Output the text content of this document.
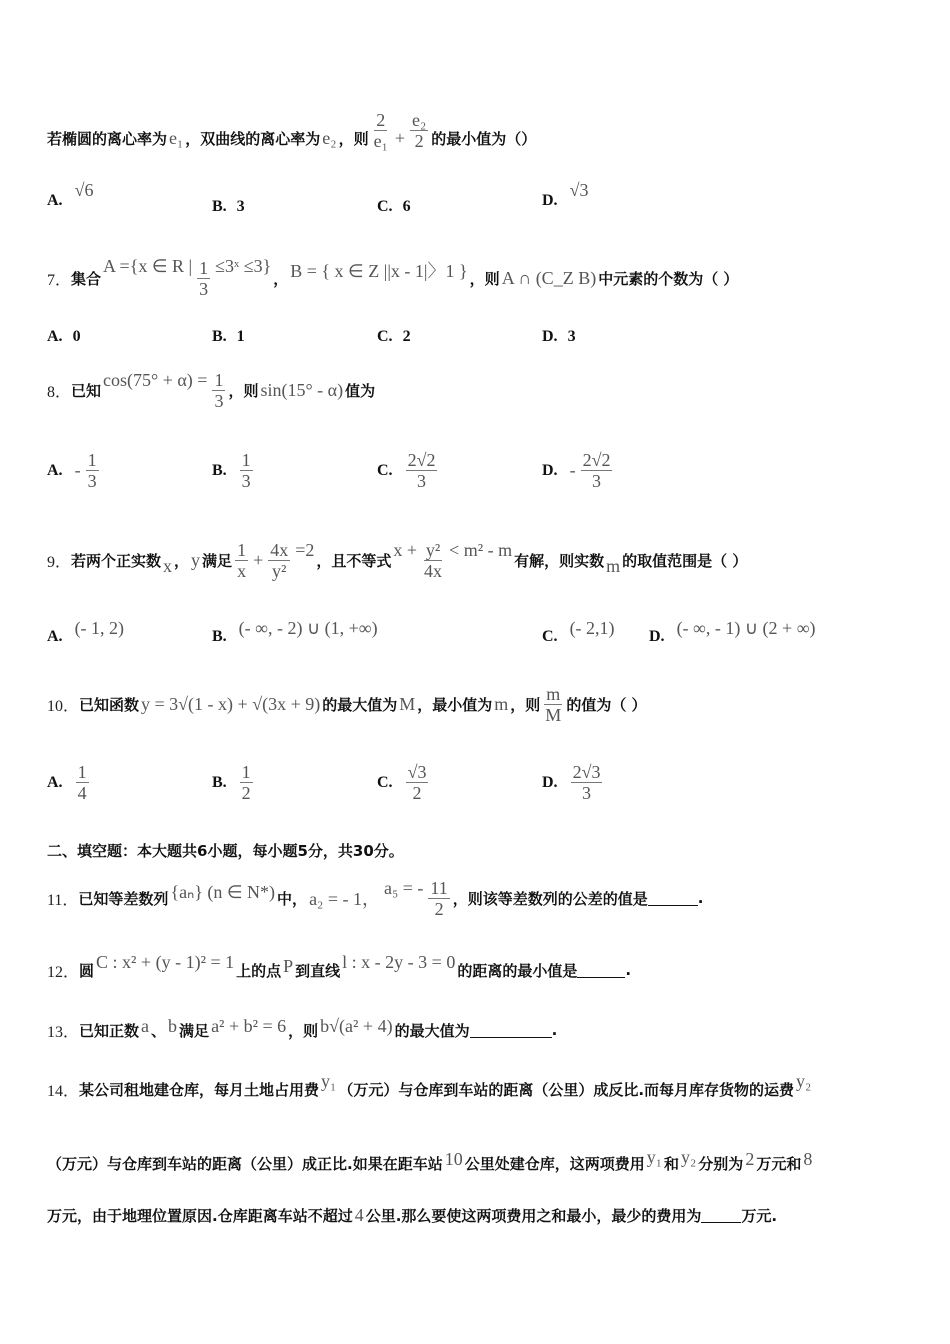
若椭圆的离心率为 e₁ ，双曲线的离心率为 e₂ ，则 $\frac{2}{\text{e₁}} + \frac{\text{e₂}}{2}$ 的最小值为（）
A. √6
B. 3	C. 6	D. √3
7． 集合
A ={x ∈ R | $\frac{1}{3}$ ≤3ˣ ≤3}
， B = { x ∈ Z ||x - 1|〉1 } ，则 A ∩ (C_Z B) 中元素的个数为（ ）
A. 0	B. 1	C. 2	D. 3
8． 已知
$\cos(75^\circ + \alpha) = \frac{1}{3}$ ，则 sin(15° - α) 值为
A. - $\frac{1}{3}$	B. $\frac{1}{3}$	C. $\frac{2√2}{3}$	D. - $\frac{2√2}{3}$
9． 若两个正实数 x ， y 满足 $\frac{1}{x} + \frac{4x}{\text{y²}} =2$
，且不等式
$x + \frac{\text{y²}}{4x} < m^2 - m$
有解，则实数 m 的取值范围是（ ）
A. (- 1, 2)	B. (- ∞, - 2) ∪ (1, +∞)	C. (- 2,1) D. (- ∞, - 1) ∪ (2 + ∞)
10． 已知函数 y = 3√(1 - x) + √(3x + 9) 的最大值为 M ，最小值为 m ，则 $\frac{m}{M}$ 的值为（ ）
A. $\frac{1}{4}$	B. $\frac{1}{2}$	C. $\frac{√3}{2}$	D. $\frac{2√3}{3}$
二、填空题：本大题共6小题，每小题5分，共30分。
11． 已知等差数列 {aₙ} (n ∈ N*) 中， a₂ = - 1，
a₅ = - $\frac{11}{2}$ ，则该等差数列的公差的值是	.
12． 圆 C : x² + (y - 1)² = 1 上的点 P 到直线 l : x - 2y - 3 = 0 的距离的最小值是	.
13． 已知正数 a 、 b 满足 a² + b² = 6 ，则 b√(a² + 4) 的最大值为	.
14． 某公司租地建仓库，每月土地占用费 y₁ （万元）与仓库到车站的距离（公里）成反比.而每月库存货物的运费 y₂
（万元）与仓库到车站的距离（公里）成正比.如果在距车站 10 公里处建仓库，这两项费用 y₁ 和 y₂ 分别为 2 万元和 8
万元，由于地理位置原因.仓库距离车站不超过 4 公里.那么要使这两项费用之和最小，最少的费用为	万元.
